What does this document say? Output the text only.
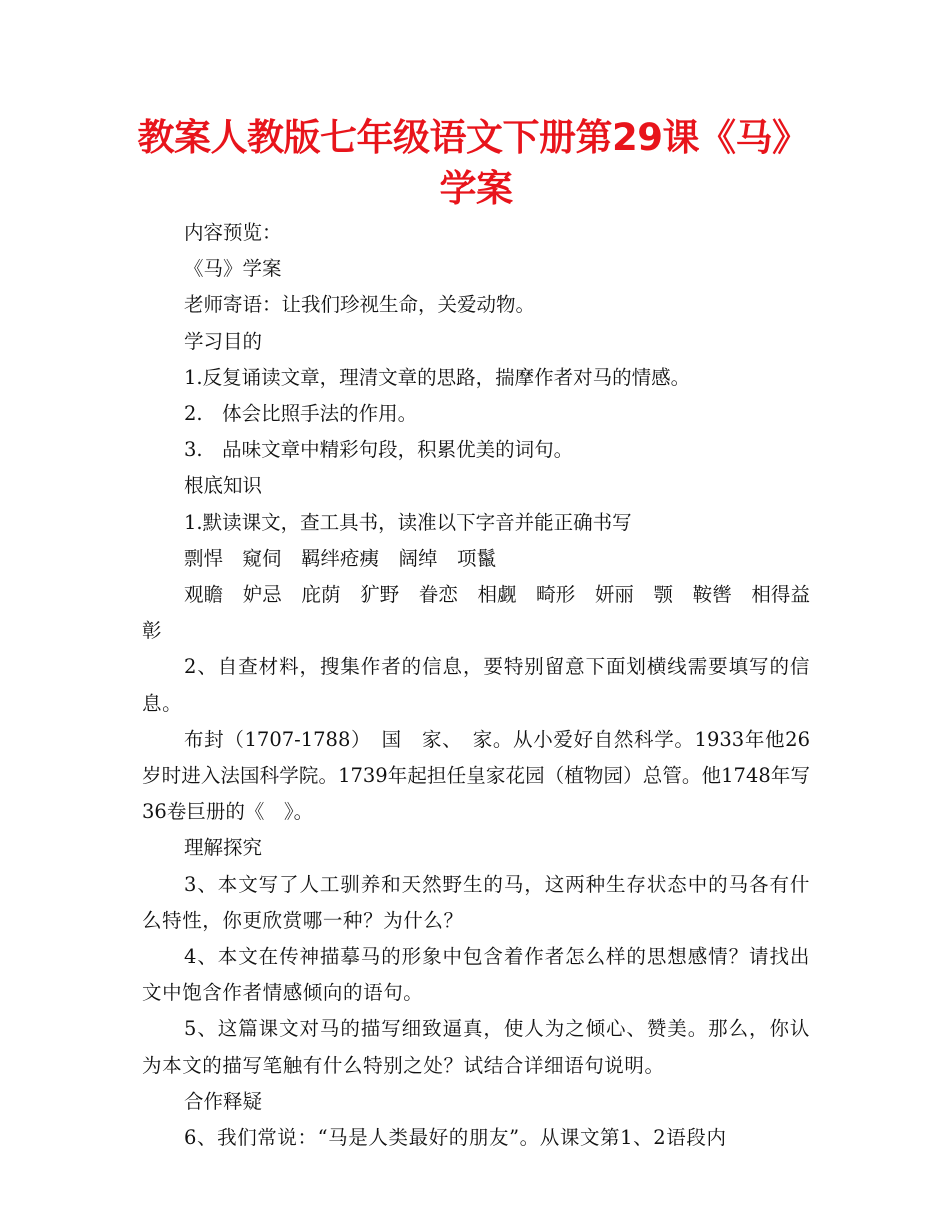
教案人教版七年级语文下册第29课《马》
学案

内容预览：

《马》学案

老师寄语：让我们珍视生命，关爱动物。

学习目的

1.反复诵读文章，理清文章的思路，揣摩作者对马的情感。

2.　体会比照手法的作用。

3.　品味文章中精彩句段，积累优美的词句。

根底知识

1.默读课文，查工具书，读准以下字音并能正确书写

剽悍　窥伺　羁绊疮痍　阔绰　项鬣

观瞻　妒忌　庇荫　犷野　眷恋　相觑　畸形　妍丽　颚　鞍辔　相得益彰

2、自查材料，搜集作者的信息，要特别留意下面划横线需要填写的信息。

布封（1707-1788）　国　家、　家。从小爱好自然科学。1933年他26岁时进入法国科学院。1739年起担任皇家花园（植物园）总管。他1748年写36卷巨册的《　》。

理解探究

3、本文写了人工驯养和天然野生的马，这两种生存状态中的马各有什么特性，你更欣赏哪一种？为什么？

4、本文在传神描摹马的形象中包含着作者怎么样的思想感情？请找出文中饱含作者情感倾向的语句。

5、这篇课文对马的描写细致逼真，使人为之倾心、赞美。那么，你认为本文的描写笔触有什么特别之处？试结合详细语句说明。

合作释疑

6、我们常说：“马是人类最好的朋友”。从课文第1、2语段内
